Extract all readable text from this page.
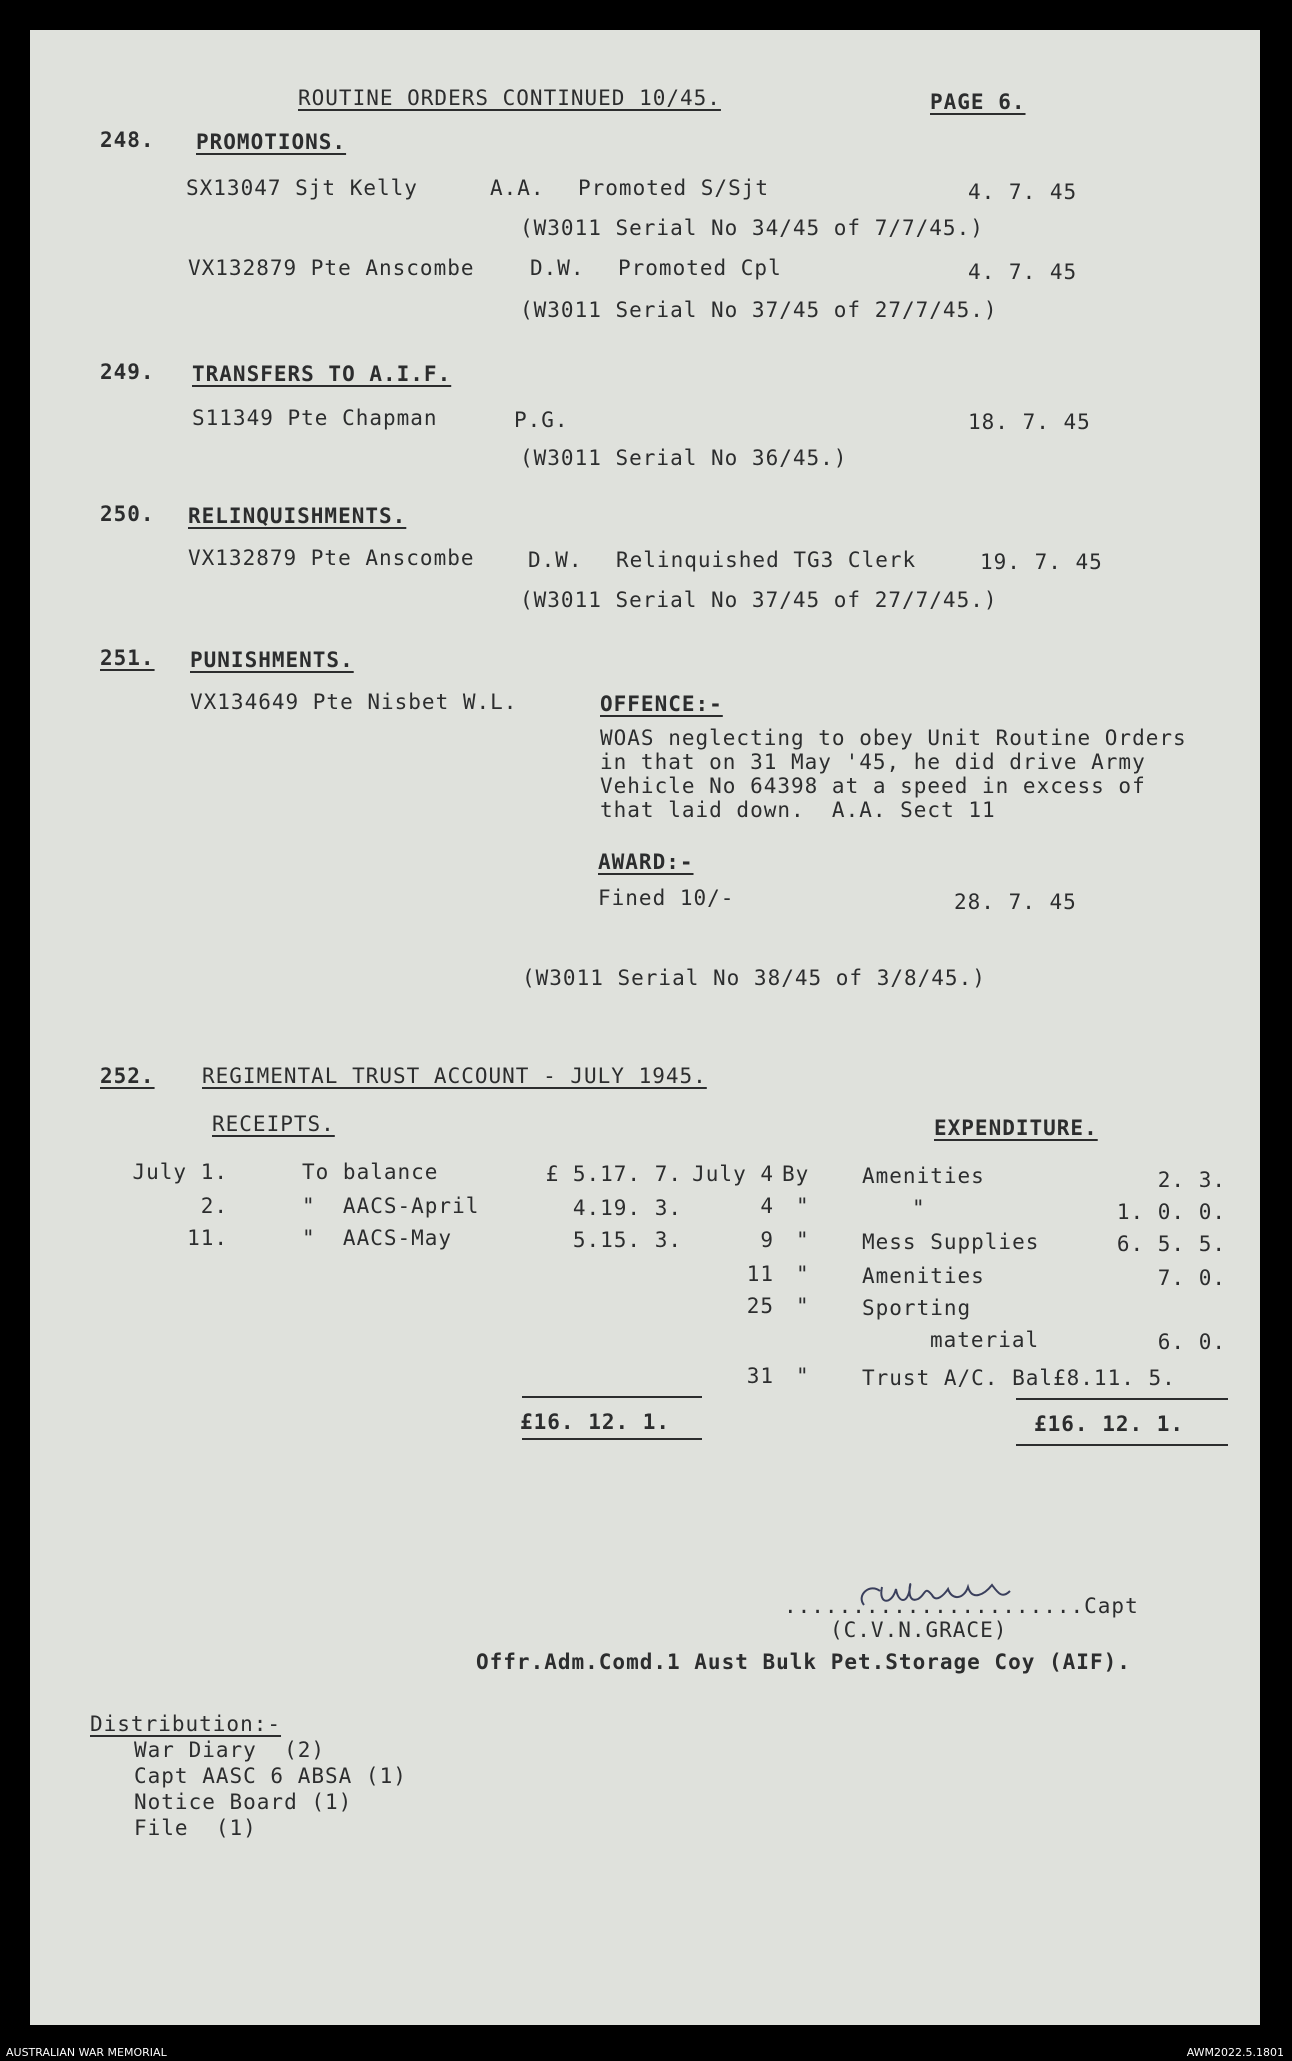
ROUTINE ORDERS CONTINUED 10/45.	PAGE 6.
248. PROMOTIONS.
SX13047 Sjt Kelly	A.A. Promoted S/Sjt	4. 7. 45
(W3011 Serial No 34/45 of 7/7/45.)
VX132879 Pte Anscombe	D.W. Promoted Cpl	4. 7. 45
(W3011 Serial No 37/45 of 27/7/45.)
249. TRANSFERS TO A.I.F.
S11349 Pte Chapman	P.G.	18. 7. 45
(W3011 Serial No 36/45.)
250. RELINQUISHMENTS.
VX132879 Pte Anscombe	D.W. Relinquished TG3 Clerk	19. 7. 45
(W3011 Serial No 37/45 of 27/7/45.)
251. PUNISHMENTS.
VX134649 Pte Nisbet W.L.	OFFENCE:-
WOAS neglecting to obey Unit Routine Orders
in that on 31 May '45, he did drive Army
Vehicle No 64398 at a speed in excess of
that laid down.  A.A. Sect 11
AWARD:-
Fined 10/-	28. 7. 45
(W3011 Serial No 38/45 of 3/8/45.)
252. REGIMENTAL TRUST ACCOUNT - JULY 1945.
RECEIPTS.	EXPENDITURE.
July 1.	To balance	£ 5.17. 7.
2.	"  AACS-April	4.19. 3.
11.	"  AACS-May	5.15. 3.
July 4 By	Amenities	2. 3.
4 "	"	1. 0. 0.
9 " Mess Supplies	6. 5. 5.
11 " Amenities	7. 0.
25 " Sporting
material	6. 0.
31 " Trust A/C. Bal£8.11. 5.
£16. 12. 1.	£16. 12. 1.
......................Capt
(C.V.N.GRACE)
Offr.Adm.Comd.1 Aust Bulk Pet.Storage Coy (AIF).
Distribution:-
War Diary  (2)
Capt AASC 6 ABSA (1)
Notice Board (1)
File  (1)
AUSTRALIAN WAR MEMORIAL	AWM2022.5.1801
